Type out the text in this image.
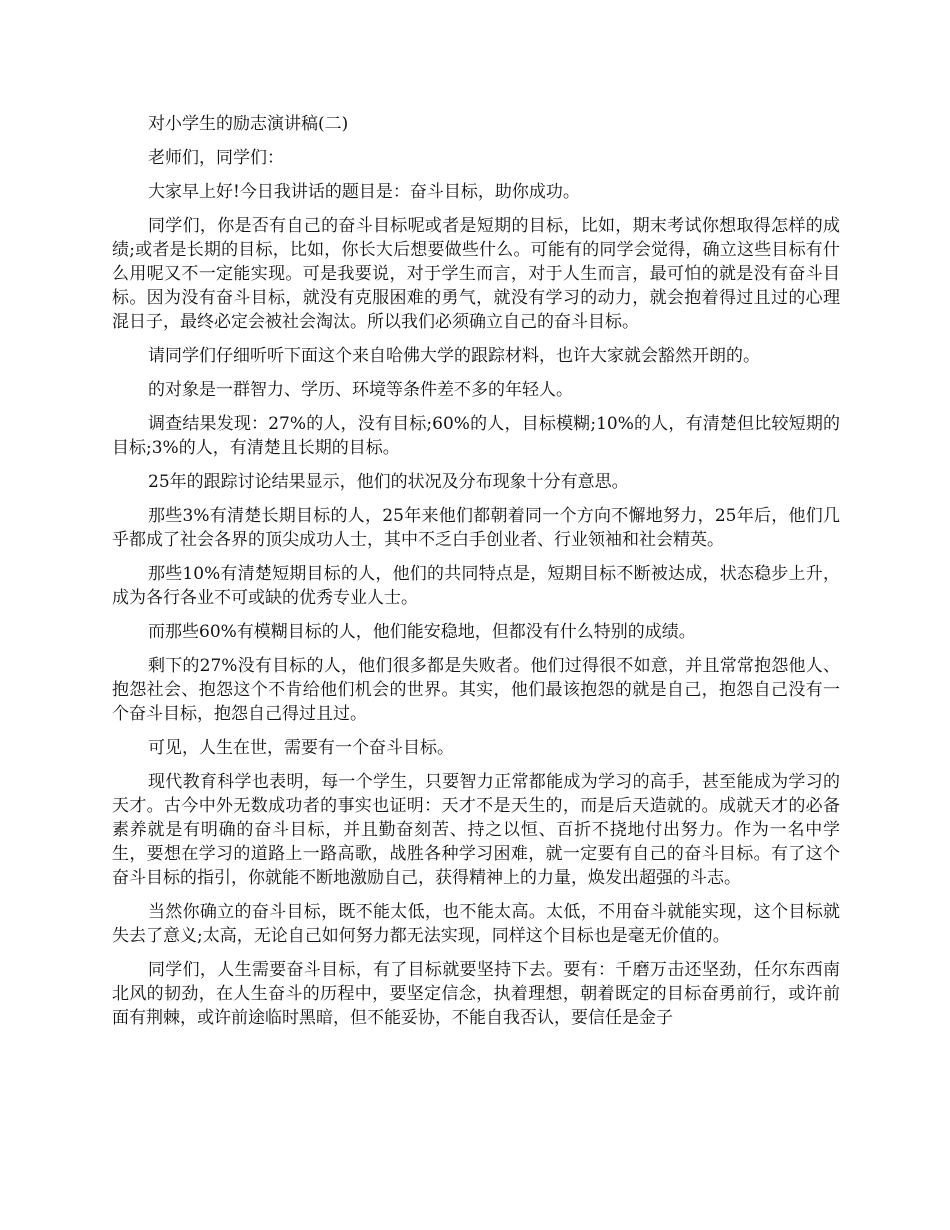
对小学生的励志演讲稿(二)

老师们，同学们：

大家早上好!今日我讲话的题目是：奋斗目标，助你成功。

同学们，你是否有自己的奋斗目标呢或者是短期的目标，比如，期末考试你想取得怎样的成绩;或者是长期的目标，比如，你长大后想要做些什么。可能有的同学会觉得，确立这些目标有什么用呢又不一定能实现。可是我要说，对于学生而言，对于人生而言，最可怕的就是没有奋斗目标。因为没有奋斗目标，就没有克服困难的勇气，就没有学习的动力，就会抱着得过且过的心理混日子，最终必定会被社会淘汰。所以我们必须确立自己的奋斗目标。

请同学们仔细听听下面这个来自哈佛大学的跟踪材料，也许大家就会豁然开朗的。

的对象是一群智力、学历、环境等条件差不多的年轻人。

调查结果发现：27%的人，没有目标;60%的人，目标模糊;10%的人，有清楚但比较短期的目标;3%的人，有清楚且长期的目标。

25年的跟踪讨论结果显示，他们的状况及分布现象十分有意思。

那些3%有清楚长期目标的人，25年来他们都朝着同一个方向不懈地努力，25年后，他们几乎都成了社会各界的顶尖成功人士，其中不乏白手创业者、行业领袖和社会精英。

那些10%有清楚短期目标的人，他们的共同特点是，短期目标不断被达成，状态稳步上升，成为各行各业不可或缺的优秀专业人士。

而那些60%有模糊目标的人，他们能安稳地，但都没有什么特别的成绩。

剩下的27%没有目标的人，他们很多都是失败者。他们过得很不如意，并且常常抱怨他人、抱怨社会、抱怨这个不肯给他们机会的世界。其实，他们最该抱怨的就是自己，抱怨自己没有一个奋斗目标，抱怨自己得过且过。

可见，人生在世，需要有一个奋斗目标。

现代教育科学也表明，每一个学生，只要智力正常都能成为学习的高手，甚至能成为学习的天才。古今中外无数成功者的事实也证明：天才不是天生的，而是后天造就的。成就天才的必备素养就是有明确的奋斗目标，并且勤奋刻苦、持之以恒、百折不挠地付出努力。作为一名中学生，要想在学习的道路上一路高歌，战胜各种学习困难，就一定要有自己的奋斗目标。有了这个奋斗目标的指引，你就能不断地激励自己，获得精神上的力量，焕发出超强的斗志。

当然你确立的奋斗目标，既不能太低，也不能太高。太低，不用奋斗就能实现，这个目标就失去了意义;太高，无论自己如何努力都无法实现，同样这个目标也是毫无价值的。

同学们，人生需要奋斗目标，有了目标就要坚持下去。要有：千磨万击还坚劲，任尔东西南北风的韧劲，在人生奋斗的历程中，要坚定信念，执着理想，朝着既定的目标奋勇前行，或许前面有荆棘，或许前途临时黑暗，但不能妥协，不能自我否认，要信任是金子
